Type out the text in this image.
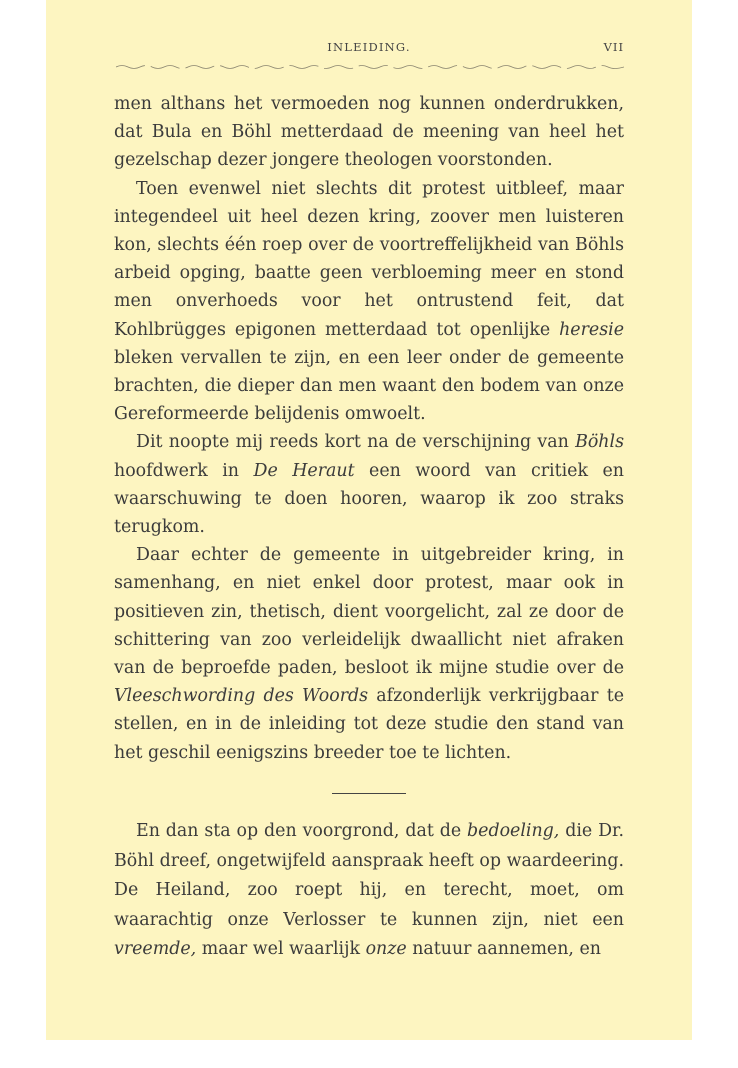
INLEIDING.	VII

men althans het vermoeden nog kunnen onderdrukken, dat Bula en Böhl metterdaad de meening van heel het gezelschap dezer jongere theologen voorstonden.

Toen evenwel niet slechts dit protest uitbleef, maar integendeel uit heel dezen kring, zoover men luisteren kon, slechts één roep over de voortreffelijkheid van Böhls arbeid opging, baatte geen verbloeming meer en stond men onverhoeds voor het ontrustend feit, dat Kohlbrügges epigonen metterdaad tot openlijke heresie bleken vervallen te zijn, en een leer onder de gemeente brachten, die dieper dan men waant den bodem van onze Gereformeerde belijdenis omwoelt.

Dit noopte mij reeds kort na de verschijning van Böhls hoofdwerk in De Heraut een woord van critiek en waarschuwing te doen hooren, waarop ik zoo straks terugkom.

Daar echter de gemeente in uitgebreider kring, in samenhang, en niet enkel door protest, maar ook in positieven zin, thetisch, dient voorgelicht, zal ze door de schittering van zoo verleidelijk dwaallicht niet afraken van de beproefde paden, besloot ik mijne studie over de Vleeschwording des Woords afzonderlijk verkrijgbaar te stellen, en in de inleiding tot deze studie den stand van het geschil eenigszins breeder toe te lichten.

En dan sta op den voorgrond, dat de bedoeling, die Dr. Böhl dreef, ongetwijfeld aanspraak heeft op waardeering. De Heiland, zoo roept hij, en terecht, moet, om waarachtig onze Verlosser te kunnen zijn, niet een vreemde, maar wel waarlijk onze natuur aannemen, en
